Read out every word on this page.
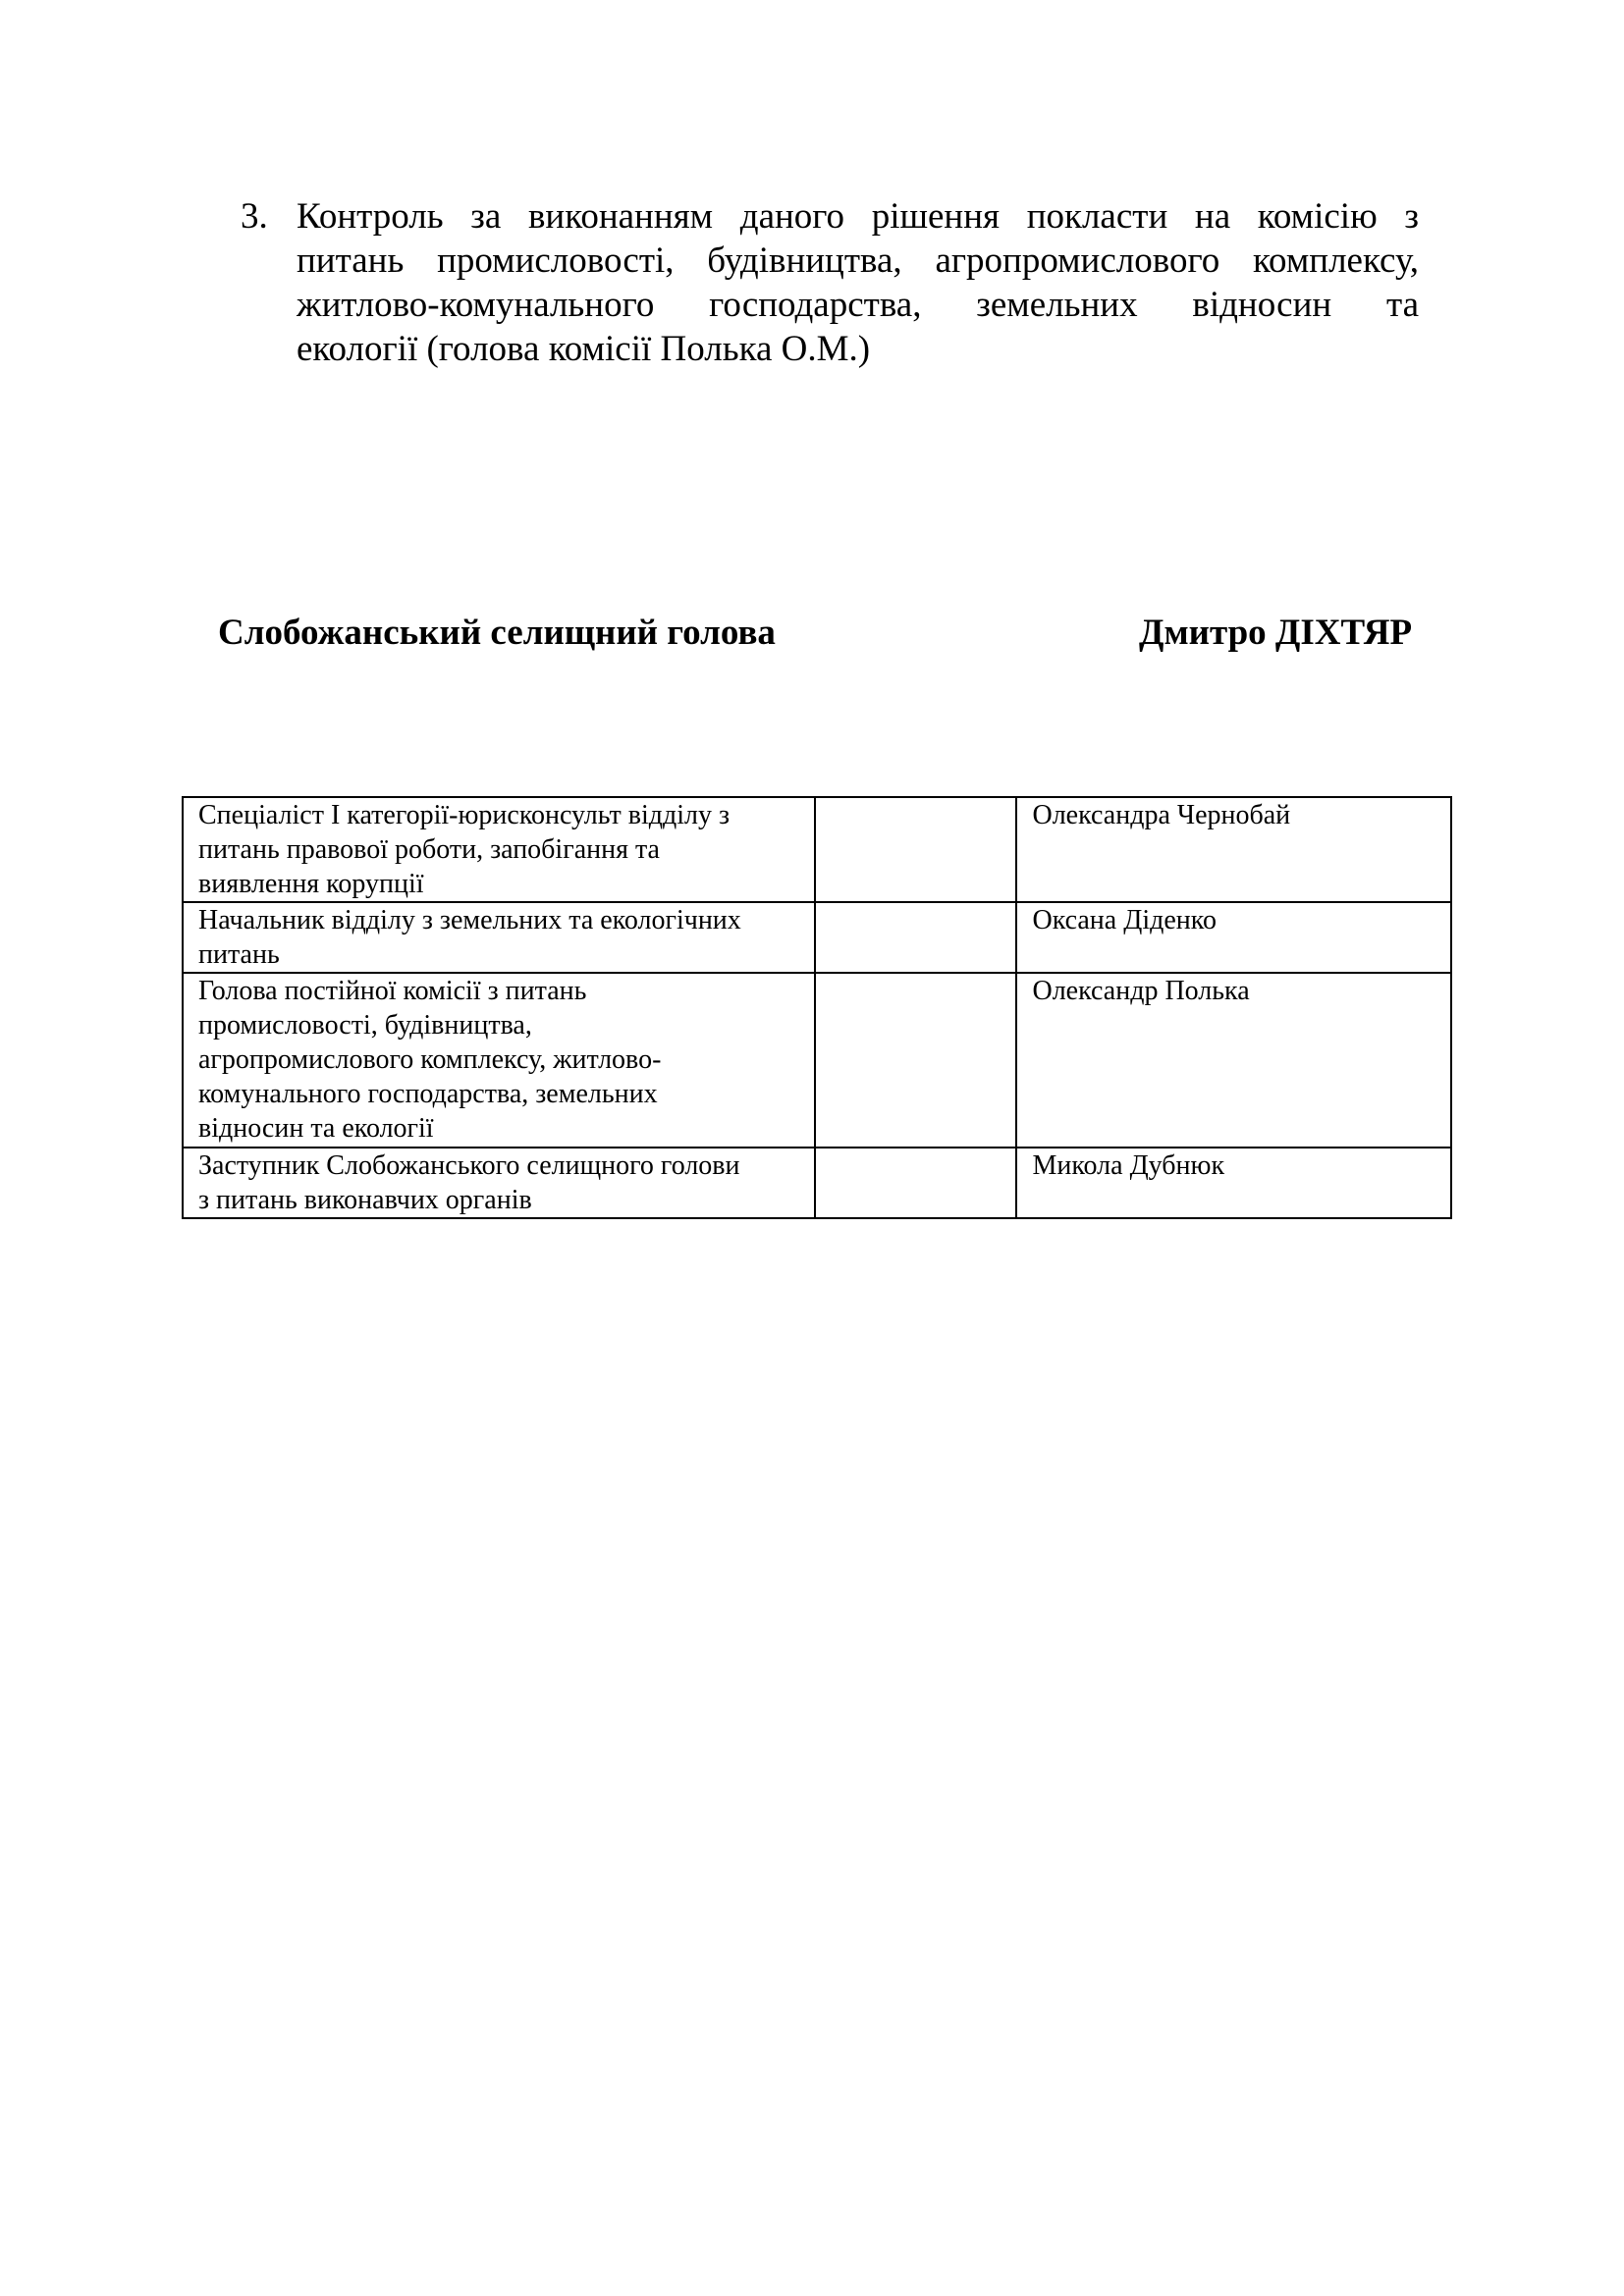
3. Контроль за виконанням даного рішення покласти на комісію з
питань промисловості, будівництва, агропромислового комплексу,
житлово-комунального господарства, земельних відносин та
екології (голова комісії Полька О.М.)
Слобожанський селищний голова	Дмитро ДІХТЯР
Спеціаліст І категорії-юрисконсульт відділу з
питань правової роботи, запобігання та
виявлення корупції		Олександра Чернобай

Начальник відділу з земельних та екологічних
питань		Оксана Діденко

Голова постійної комісії з питань
промисловості, будівництва,
агропромислового комплексу, житлово-
комунального господарства, земельних
відносин та екології		Олександр Полька

Заступник Слобожанського селищного голови
з питань виконавчих органів		Микола Дубнюк
